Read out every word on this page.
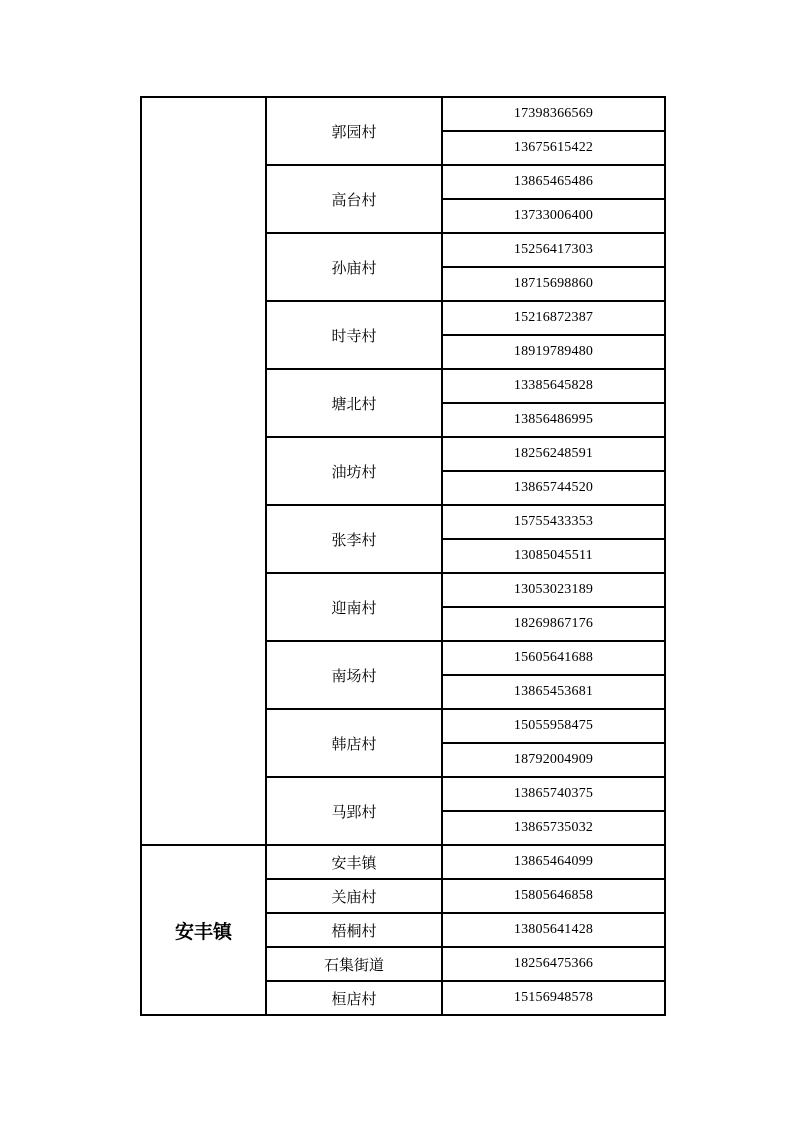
	郭园村	17398366569
		13675615422
	高台村	13865465486
		13733006400
	孙庙村	15256417303
		18715698860
	时寺村	15216872387
		18919789480
	塘北村	13385645828
		13856486995
	油坊村	18256248591
		13865744520
	张李村	15755433353
		13085045511
	迎南村	13053023189
		18269867176
	南场村	15605641688
		13865453681
	韩店村	15055958475
		18792004909
	马郢村	13865740375
		13865735032
安丰镇	安丰镇	13865464099
	关庙村	15805646858
	梧桐村	13805641428
	石集街道	18256475366
	桓店村	15156948578
